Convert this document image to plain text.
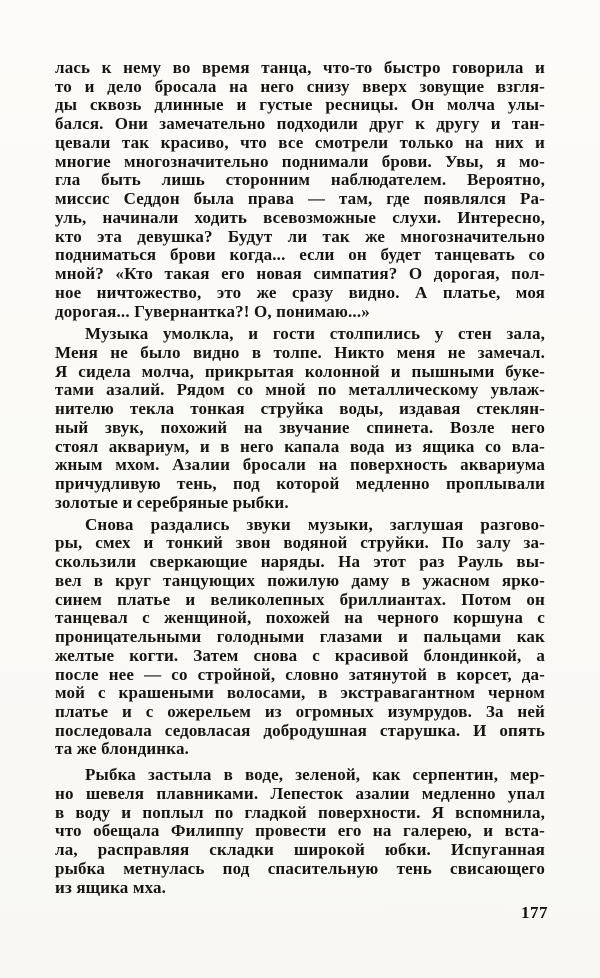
лась к нему во время танца, что-то быстро говорила и
то и дело бросала на него снизу вверх зовущие взгля-
ды сквозь длинные и густые ресницы. Он молча улы-
бался. Они замечательно подходили друг к другу и тан-
цевали так красиво, что все смотрели только на них и
многие многозначительно поднимали брови. Увы, я мо-
гла быть лишь сторонним наблюдателем. Вероятно,
миссис Седдон была права — там, где появлялся Ра-
уль, начинали ходить всевозможные слухи. Интересно,
кто эта девушка? Будут ли так же многозначительно
подниматься брови когда... если он будет танцевать со
мной? «Кто такая его новая симпатия? О дорогая, пол-
ное ничтожество, это же сразу видно. А платье, моя
дорогая... Гувернантка?! О, понимаю...»
Музыка умолкла, и гости столпились у стен зала,
Меня не было видно в толпе. Никто меня не замечал.
Я сидела молча, прикрытая колонной и пышными буке-
тами азалий. Рядом со мной по металлическому увлаж-
нителю текла тонкая струйка воды, издавая стеклян-
ный звук, похожий на звучание спинета. Возле него
стоял аквариум, и в него капала вода из ящика со вла-
жным мхом. Азалии бросали на поверхность аквариума
причудливую тень, под которой медленно проплывали
золотые и серебряные рыбки.
Снова раздались звуки музыки, заглушая разгово-
ры, смех и тонкий звон водяной струйки. По залу за-
скользили сверкающие наряды. На этот раз Рауль вы-
вел в круг танцующих пожилую даму в ужасном ярко-
синем платье и великолепных бриллиантах. Потом он
танцевал с женщиной, похожей на черного коршуна с
проницательными голодными глазами и пальцами как
желтые когти. Затем снова с красивой блондинкой, а
после нее — со стройной, словно затянутой в корсет, да-
мой с крашеными волосами, в экстравагантном черном
платье и с ожерельем из огромных изумрудов. За ней
последовала седовласая добродушная старушка. И опять
та же блондинка.
Рыбка застыла в воде, зеленой, как серпентин, мер-
но шевеля плавниками. Лепесток азалии медленно упал
в воду и поплыл по гладкой поверхности. Я вспомнила,
что обещала Филиппу провести его на галерею, и вста-
ла, расправляя складки широкой юбки. Испуганная
рыбка метнулась под спасительную тень свисающего
из ящика мха.
177
